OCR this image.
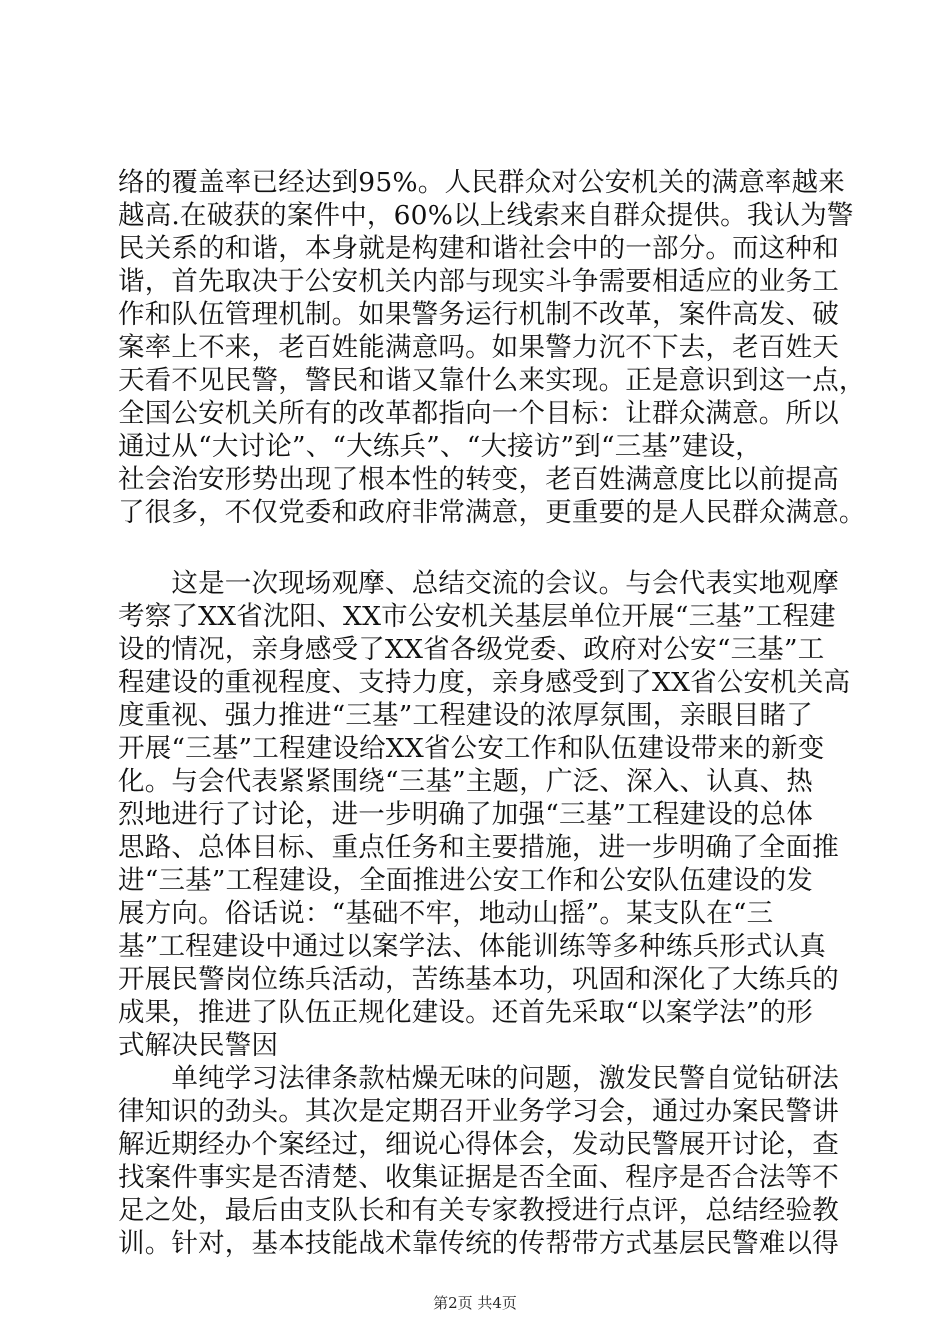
络的覆盖率已经达到95%。人民群众对公安机关的满意率越来
越高.在破获的案件中，60%以上线索来自群众提供。我认为警
民关系的和谐，本身就是构建和谐社会中的一部分。而这种和
谐，首先取决于公安机关内部与现实斗争需要相适应的业务工
作和队伍管理机制。如果警务运行机制不改革，案件高发、破
案率上不来，老百姓能满意吗。如果警力沉不下去，老百姓天
天看不见民警，警民和谐又靠什么来实现。正是意识到这一点，
全国公安机关所有的改革都指向一个目标：让群众满意。所以
通过从“大讨论”、“大练兵”、“大接访”到“三基”建设，
社会治安形势出现了根本性的转变，老百姓满意度比以前提高
了很多，不仅党委和政府非常满意，更重要的是人民群众满意。
　　这是一次现场观摩、总结交流的会议。与会代表实地观摩
考察了XX省沈阳、XX市公安机关基层单位开展“三基”工程建
设的情况，亲身感受了XX省各级党委、政府对公安“三基”工
程建设的重视程度、支持力度，亲身感受到了XX省公安机关高
度重视、强力推进“三基”工程建设的浓厚氛围，亲眼目睹了
开展“三基”工程建设给XX省公安工作和队伍建设带来的新变
化。与会代表紧紧围绕“三基”主题，广泛、深入、认真、热
烈地进行了讨论，进一步明确了加强“三基”工程建设的总体
思路、总体目标、重点任务和主要措施，进一步明确了全面推
进“三基”工程建设，全面推进公安工作和公安队伍建设的发
展方向。俗话说：“基础不牢，地动山摇”。某支队在“三
基”工程建设中通过以案学法、体能训练等多种练兵形式认真
开展民警岗位练兵活动，苦练基本功，巩固和深化了大练兵的
成果，推进了队伍正规化建设。还首先采取“以案学法”的形
式解决民警因
　　单纯学习法律条款枯燥无味的问题，激发民警自觉钻研法
律知识的劲头。其次是定期召开业务学习会，通过办案民警讲
解近期经办个案经过，细说心得体会，发动民警展开讨论，查
找案件事实是否清楚、收集证据是否全面、程序是否合法等不
足之处，最后由支队长和有关专家教授进行点评，总结经验教
训。针对，基本技能战术靠传统的传帮带方式基层民警难以得
第2页 共4页
